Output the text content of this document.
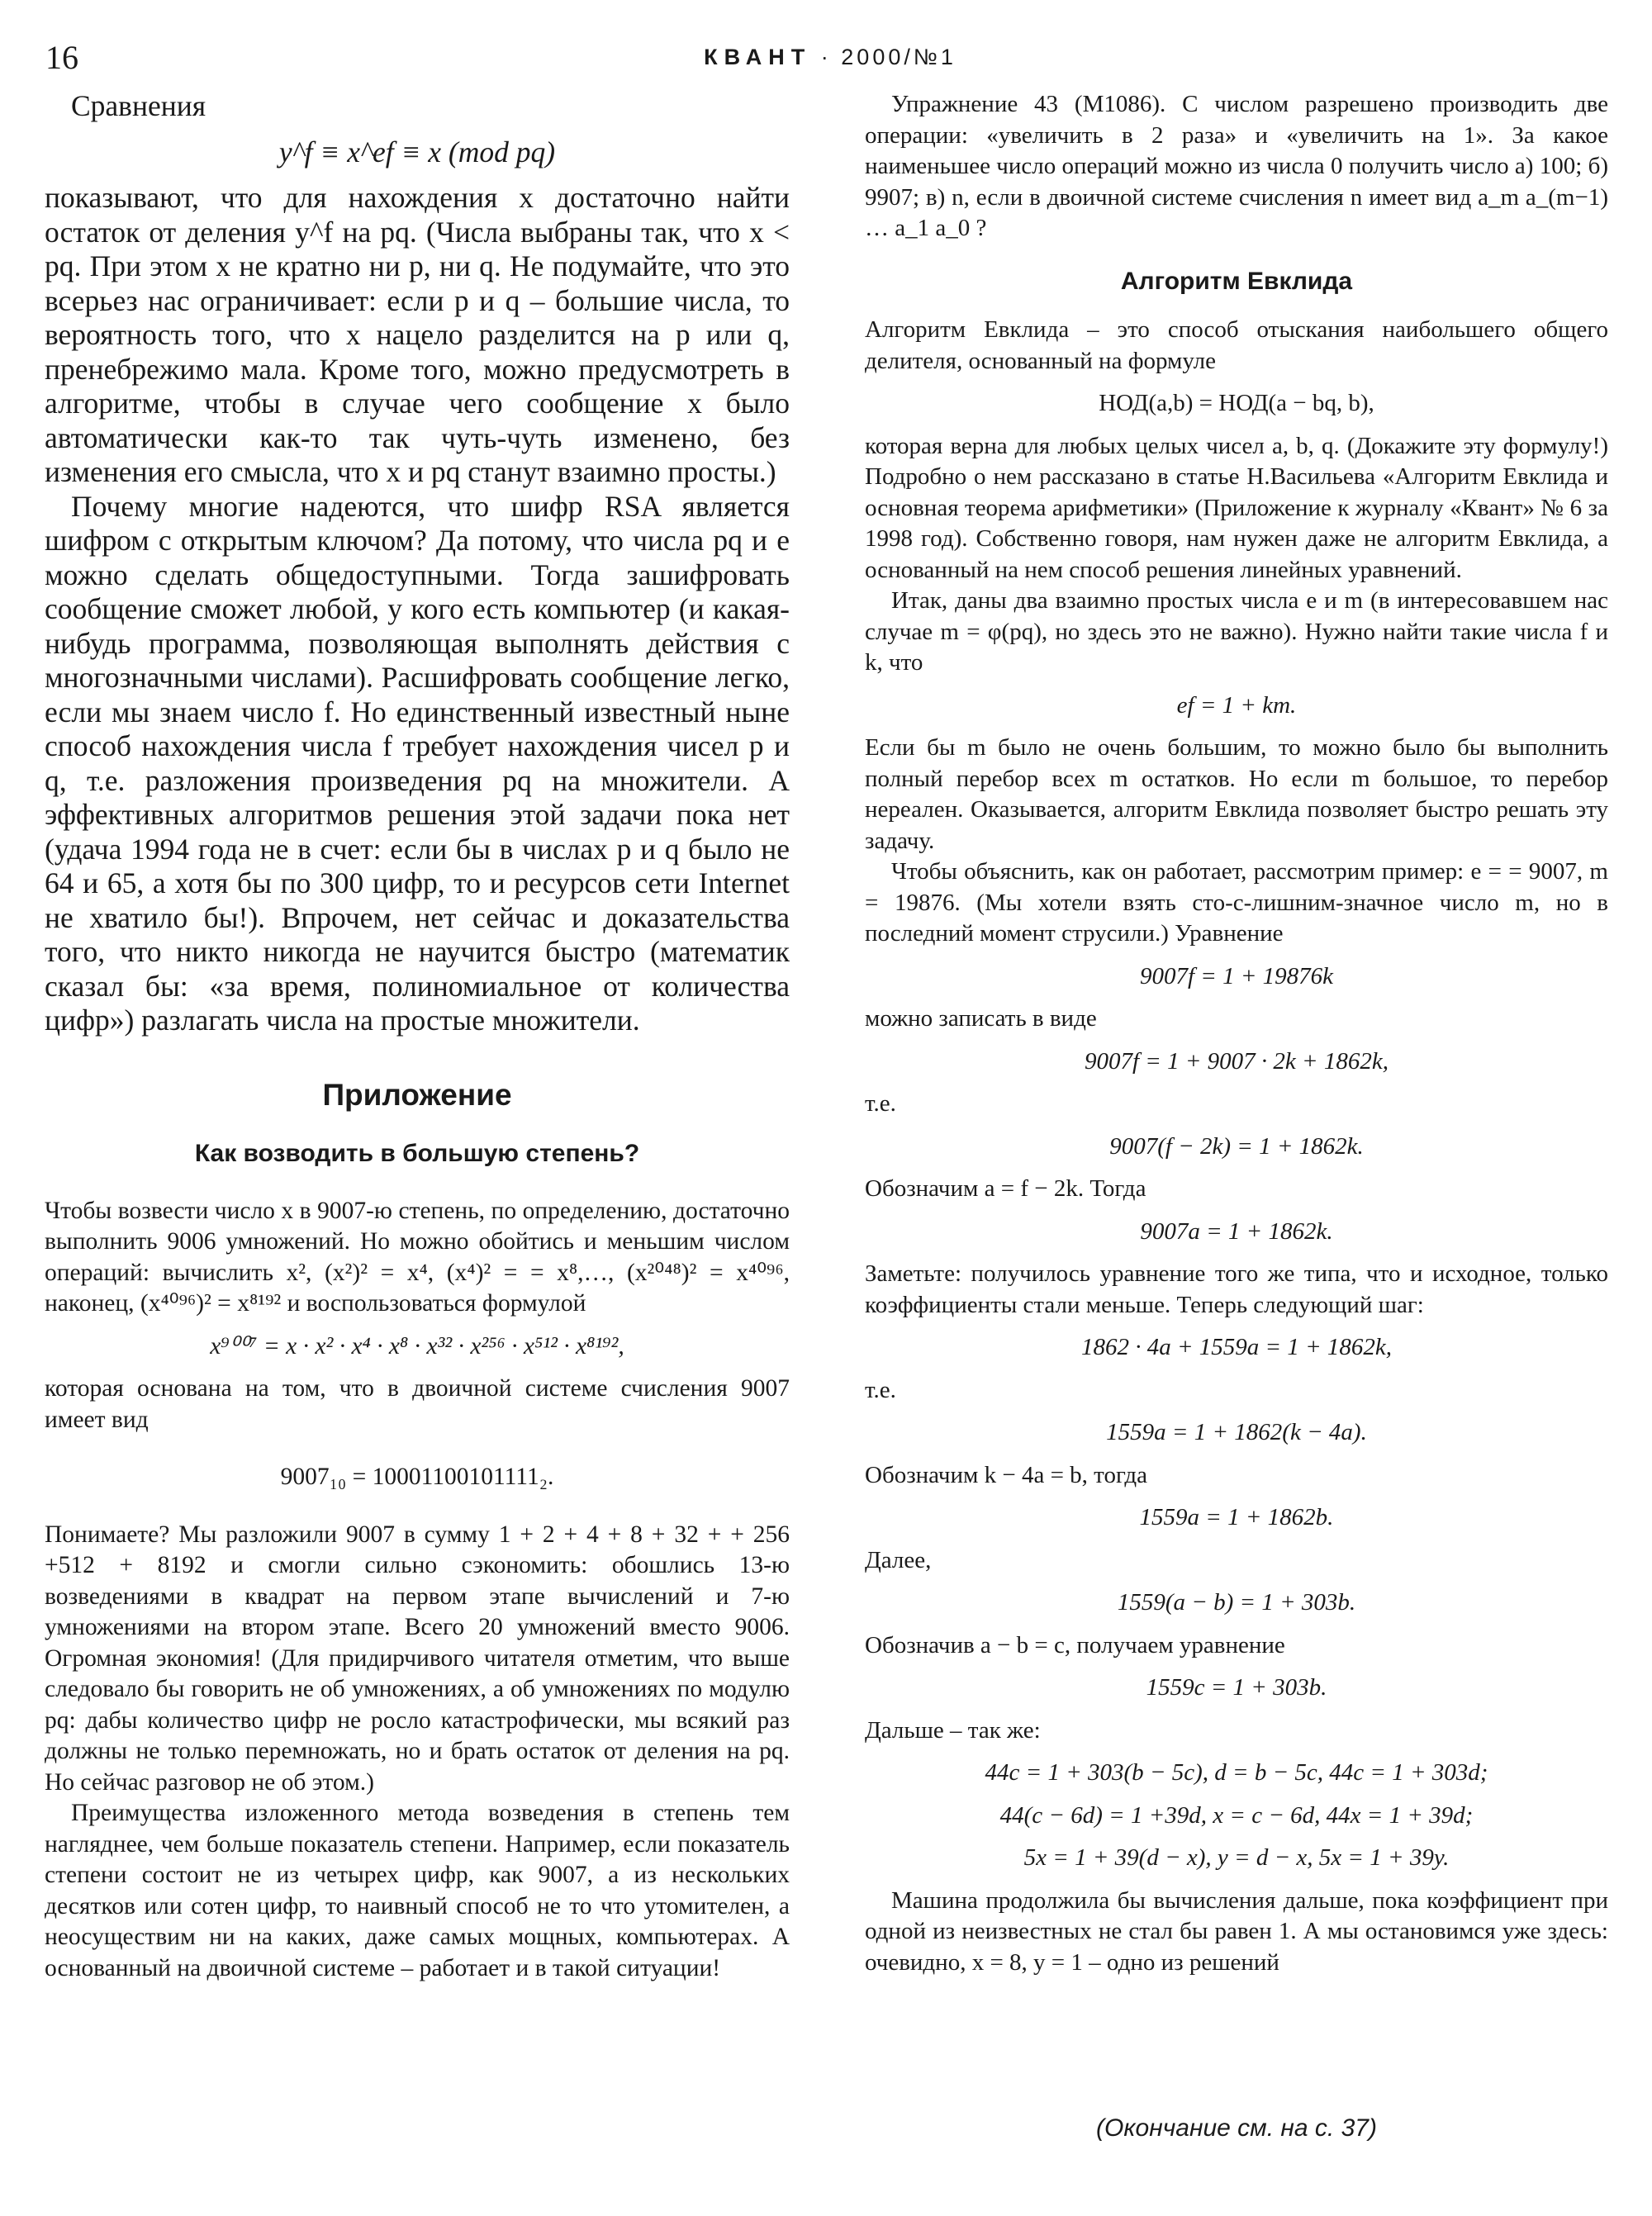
16	КВАНТ · 2000/№1

Сравнения

y^f ≡ x^ef ≡ x (mod pq)

показывают, что для нахождения x достаточно найти остаток от деления y^f на pq. (Числа выбраны так, что x < pq. При этом x не кратно ни p, ни q. Не подумайте, что это всерьез нас ограничивает: если p и q – большие числа, то вероятность того, что x нацело разделится на p или q, пренебрежимо мала. Кроме того, можно предусмотреть в алгоритме, чтобы в случае чего сообщение x было автоматически как-то так чуть-чуть изменено, без изменения его смысла, что x и pq станут взаимно просты.)

Почему многие надеются, что шифр RSA является шифром с открытым ключом? Да потому, что числа pq и e можно сделать общедоступными. Тогда зашифровать сообщение сможет любой, у кого есть компьютер (и какая-нибудь программа, позволяющая выполнять действия с многозначными числами). Расшифровать сообщение легко, если мы знаем число f. Но единственный известный ныне способ нахождения числа f требует нахождения чисел p и q, т.е. разложения произведения pq на множители. А эффективных алгоритмов решения этой задачи пока нет (удача 1994 года не в счет: если бы в числах p и q было не 64 и 65, а хотя бы по 300 цифр, то и ресурсов сети Internet не хватило бы!). Впрочем, нет сейчас и доказательства того, что никто никогда не научится быстро (математик сказал бы: «за время, полиномиальное от количества цифр») разлагать числа на простые множители.

Приложение
Как возводить в большую степень?

Чтобы возвести число x в 9007-ю степень, по определению, достаточно выполнить 9006 умножений. Но можно обойтись и меньшим числом операций: вычислить x², (x²)² = x⁴, (x⁴)² = = x⁸,…, (x²⁰⁴⁸)² = x⁴⁰⁹⁶, наконец, (x⁴⁰⁹⁶)² = x⁸¹⁹² и воспользоваться формулой

x⁹⁰⁰⁷ = x · x² · x⁴ · x⁸ · x³² · x²⁵⁶ · x⁵¹² · x⁸¹⁹²,

которая основана на том, что в двоичной системе счисления 9007 имеет вид

9007₁₀ = 10001100101111₂.

Понимаете? Мы разложили 9007 в сумму 1 + 2 + 4 + 8 + 32 + + 256 +512 + 8192 и смогли сильно сэкономить: обошлись 13-ю возведениями в квадрат на первом этапе вычислений и 7-ю умножениями на втором этапе. Всего 20 умножений вместо 9006. Огромная экономия! (Для придирчивого читателя отметим, что выше следовало бы говорить не об умножениях, а об умножениях по модулю pq: дабы количество цифр не росло катастрофически, мы всякий раз должны не только перемножать, но и брать остаток от деления на pq. Но сейчас разговор не об этом.)

Преимущества изложенного метода возведения в степень тем нагляднее, чем больше показатель степени. Например, если показатель степени состоит не из четырех цифр, как 9007, а из нескольких десятков или сотен цифр, то наивный способ не то что утомителен, а неосуществим ни на каких, даже самых мощных, компьютерах. А основанный на двоичной системе – работает и в такой ситуации!

Упражнение 43 (М1086). С числом разрешено производить две операции: «увеличить в 2 раза» и «увеличить на 1». За какое наименьшее число операций можно из числа 0 получить число а) 100; б) 9907; в) n, если в двоичной системе счисления n имеет вид a_m a_(m−1) … a_1 a_0 ?

Алгоритм Евклида

Алгоритм Евклида – это способ отыскания наибольшего общего делителя, основанный на формуле

НОД(a,b) = НОД(a − bq, b),

которая верна для любых целых чисел a, b, q. (Докажите эту формулу!) Подробно о нем рассказано в статье Н.Васильева «Алгоритм Евклида и основная теорема арифметики» (Приложение к журналу «Квант» № 6 за 1998 год). Собственно говоря, нам нужен даже не алгоритм Евклида, а основанный на нем способ решения линейных уравнений.

Итак, даны два взаимно простых числа e и m (в интересовавшем нас случае m = φ(pq), но здесь это не важно). Нужно найти такие числа f и k, что

ef = 1 + km.

Если бы m было не очень большим, то можно было бы выполнить полный перебор всех m остатков. Но если m большое, то перебор нереален. Оказывается, алгоритм Евклида позволяет быстро решать эту задачу.

Чтобы объяснить, как он работает, рассмотрим пример: e = = 9007, m = 19876. (Мы хотели взять сто-с-лишним-значное число m, но в последний момент струсили.) Уравнение

9007f = 1 + 19876k

можно записать в виде

9007f = 1 + 9007 · 2k + 1862k,

т.е.

9007(f − 2k) = 1 + 1862k.

Обозначим a = f − 2k. Тогда

9007a = 1 + 1862k.

Заметьте: получилось уравнение того же типа, что и исходное, только коэффициенты стали меньше. Теперь следующий шаг:

1862 · 4a + 1559a = 1 + 1862k,

т.е.

1559a = 1 + 1862(k − 4a).

Обозначим k − 4a = b, тогда

1559a = 1 + 1862b.

Далее,

1559(a − b) = 1 + 303b.

Обозначив a − b = c, получаем уравнение

1559c = 1 + 303b.

Дальше – так же:

44c = 1 + 303(b − 5c), d = b − 5c, 44c = 1 + 303d;

44(c − 6d) = 1 +39d, x = c − 6d, 44x = 1 + 39d;

5x = 1 + 39(d − x), y = d − x, 5x = 1 + 39y.

Машина продолжила бы вычисления дальше, пока коэффициент при одной из неизвестных не стал бы равен 1. А мы остановимся уже здесь: очевидно, x = 8, y = 1 – одно из решений

(Окончание см. на с. 37)
